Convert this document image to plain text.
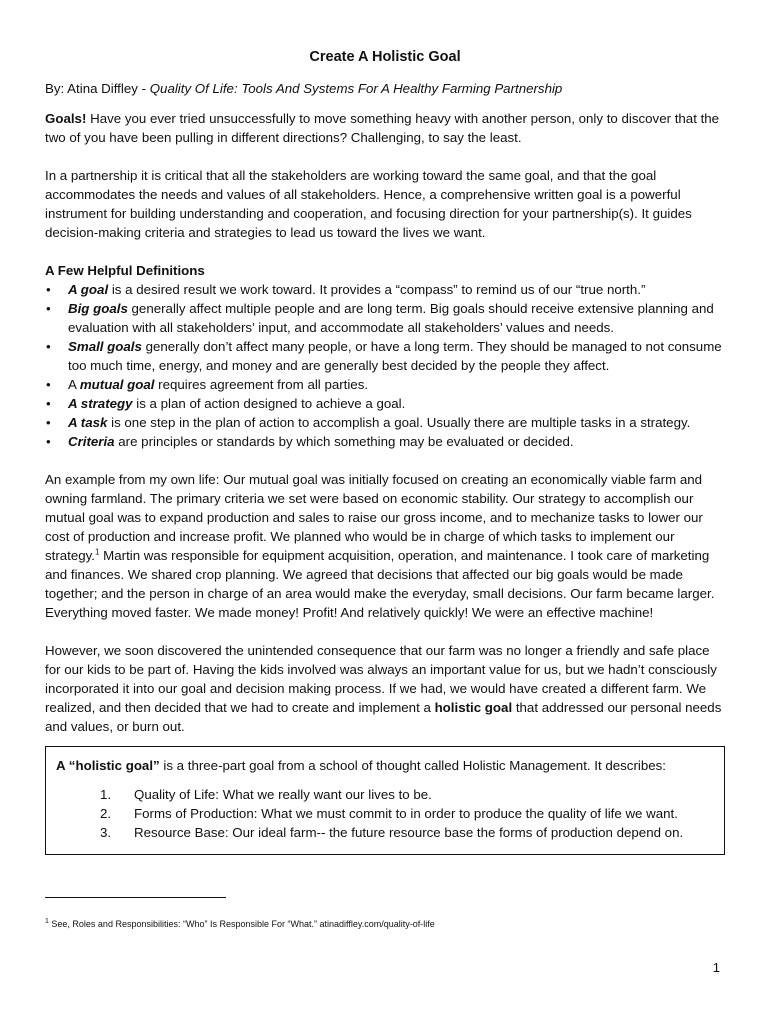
Create A Holistic Goal
By: Atina Diffley - Quality Of Life: Tools And Systems For A Healthy Farming Partnership

Goals! Have you ever tried unsuccessfully to move something heavy with another person, only to discover that the two of you have been pulling in different directions? Challenging, to say the least.

In a partnership it is critical that all the stakeholders are working toward the same goal, and that the goal accommodates the needs and values of all stakeholders. Hence, a comprehensive written goal is a powerful instrument for building understanding and cooperation, and focusing direction for your partnership(s). It guides decision-making criteria and strategies to lead us toward the lives we want.

A Few Helpful Definitions
• A goal is a desired result we work toward. It provides a “compass” to remind us of our “true north.”
• Big goals generally affect multiple people and are long term. Big goals should receive extensive planning and evaluation with all stakeholders’ input, and accommodate all stakeholders’ values and needs.
• Small goals generally don’t affect many people, or have a long term. They should be managed to not consume too much time, energy, and money and are generally best decided by the people they affect.
• A mutual goal requires agreement from all parties.
• A strategy is a plan of action designed to achieve a goal.
• A task is one step in the plan of action to accomplish a goal. Usually there are multiple tasks in a strategy.
• Criteria are principles or standards by which something may be evaluated or decided.

An example from my own life: Our mutual goal was initially focused on creating an economically viable farm and owning farmland. The primary criteria we set were based on economic stability. Our strategy to accomplish our mutual goal was to expand production and sales to raise our gross income, and to mechanize tasks to lower our cost of production and increase profit. We planned who would be in charge of which tasks to implement our strategy.$^1$ Martin was responsible for equipment acquisition, operation, and maintenance. I took care of marketing and finances. We shared crop planning. We agreed that decisions that affected our big goals would be made together; and the person in charge of an area would make the everyday, small decisions. Our farm became larger. Everything moved faster. We made money! Profit! And relatively quickly! We were an effective machine!

However, we soon discovered the unintended consequence that our farm was no longer a friendly and safe place for our kids to be part of. Having the kids involved was always an important value for us, but we hadn’t consciously incorporated it into our goal and decision making process. If we had, we would have created a different farm. We realized, and then decided that we had to create and implement a holistic goal that addressed our personal needs and values, or burn out.

A “holistic goal” is a three-part goal from a school of thought called Holistic Management. It describes:
1. Quality of Life: What we really want our lives to be.
2. Forms of Production: What we must commit to in order to produce the quality of life we want.
3. Resource Base: Our ideal farm-- the future resource base the forms of production depend on.
$^1$ See, Roles and Responsibilities: “Who” Is Responsible For “What.” atinadiffley.com/quality-of-life
1
